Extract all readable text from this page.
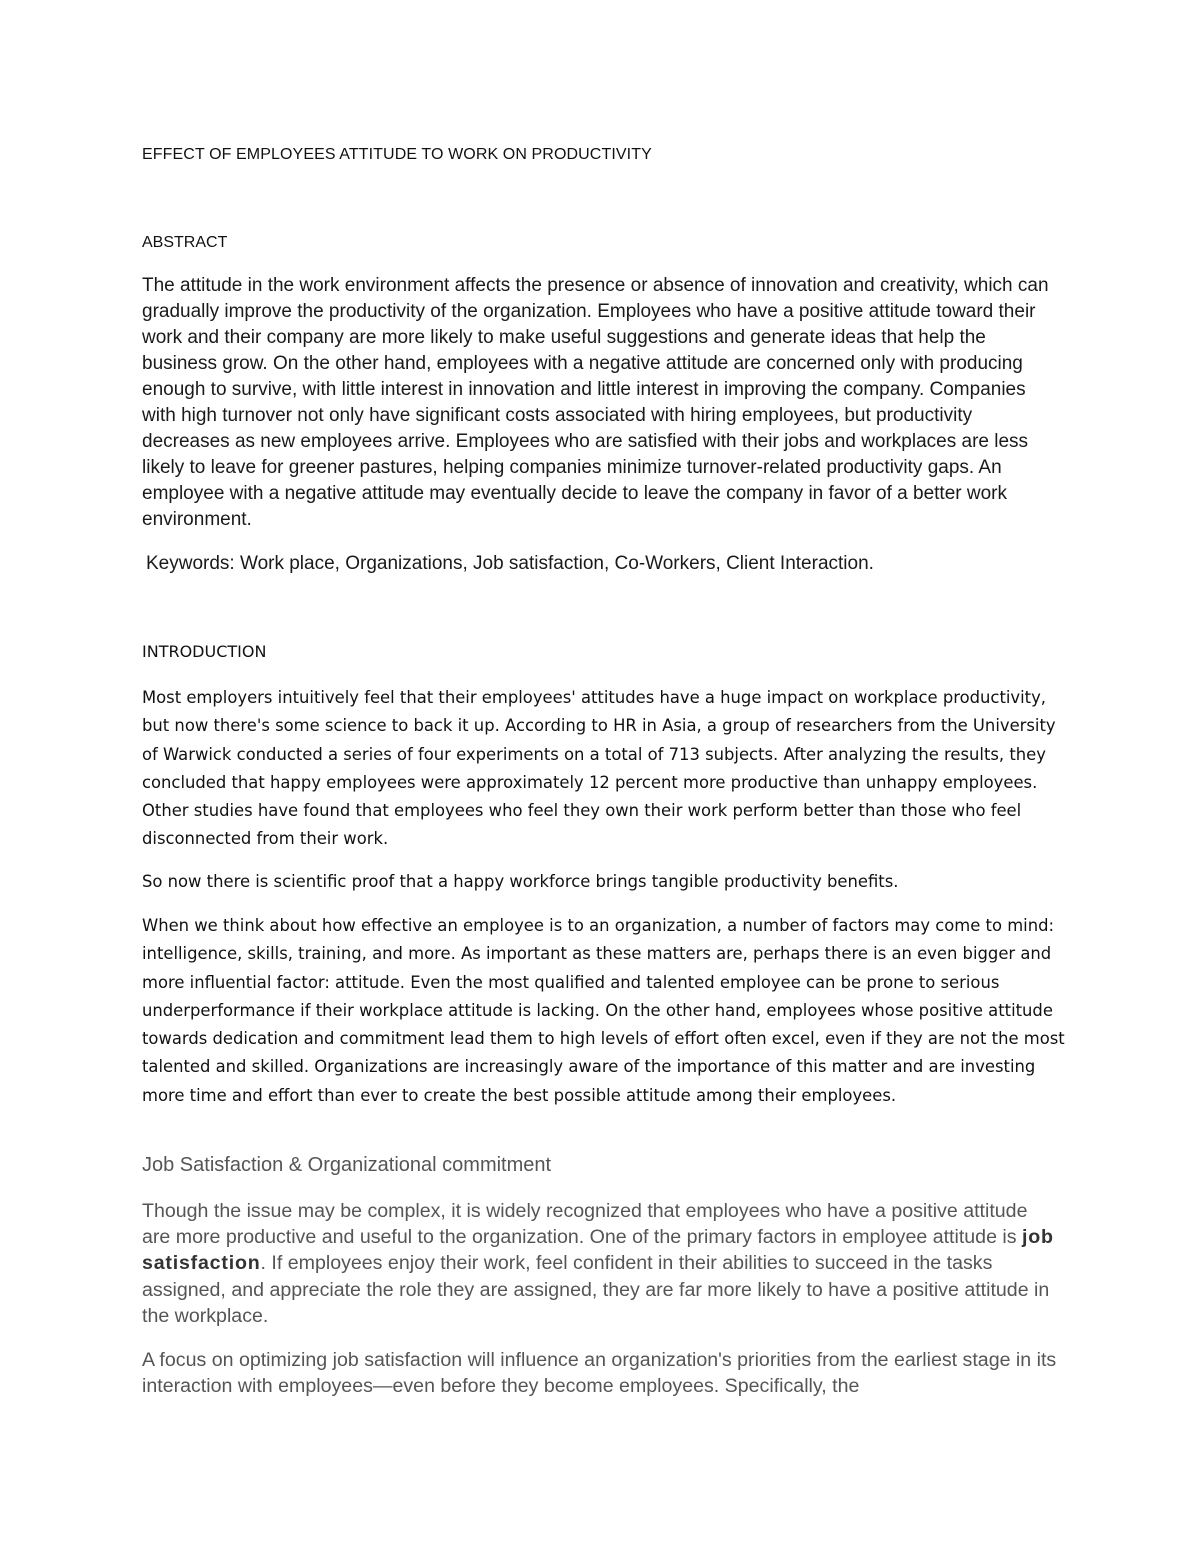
EFFECT OF EMPLOYEES ATTITUDE TO WORK ON PRODUCTIVITY
ABSTRACT

The attitude in the work environment affects the presence or absence of innovation and creativity, which can gradually improve the productivity of the organization. Employees who have a positive attitude toward their work and their company are more likely to make useful suggestions and generate ideas that help the business grow. On the other hand, employees with a negative attitude are concerned only with producing enough to survive, with little interest in innovation and little interest in improving the company. Companies with high turnover not only have significant costs associated with hiring employees, but productivity decreases as new employees arrive. Employees who are satisfied with their jobs and workplaces are less likely to leave for greener pastures, helping companies minimize turnover-related productivity gaps. An employee with a negative attitude may eventually decide to leave the company in favor of a better work environment.

Keywords: Work place, Organizations, Job satisfaction, Co-Workers, Client Interaction.

INTRODUCTION

Most employers intuitively feel that their employees' attitudes have a huge impact on workplace productivity, but now there's some science to back it up. According to HR in Asia, a group of researchers from the University of Warwick conducted a series of four experiments on a total of 713 subjects. After analyzing the results, they concluded that happy employees were approximately 12 percent more productive than unhappy employees. Other studies have found that employees who feel they own their work perform better than those who feel disconnected from their work.

So now there is scientific proof that a happy workforce brings tangible productivity benefits.

When we think about how effective an employee is to an organization, a number of factors may come to mind: intelligence, skills, training, and more. As important as these matters are, perhaps there is an even bigger and more influential factor: attitude. Even the most qualified and talented employee can be prone to serious underperformance if their workplace attitude is lacking. On the other hand, employees whose positive attitude towards dedication and commitment lead them to high levels of effort often excel, even if they are not the most talented and skilled. Organizations are increasingly aware of the importance of this matter and are investing more time and effort than ever to create the best possible attitude among their employees.

Job Satisfaction & Organizational commitment

Though the issue may be complex, it is widely recognized that employees who have a positive attitude are more productive and useful to the organization. One of the primary factors in employee attitude is job satisfaction. If employees enjoy their work, feel confident in their abilities to succeed in the tasks assigned, and appreciate the role they are assigned, they are far more likely to have a positive attitude in the workplace.

A focus on optimizing job satisfaction will influence an organization's priorities from the earliest stage in its interaction with employees—even before they become employees. Specifically, the
